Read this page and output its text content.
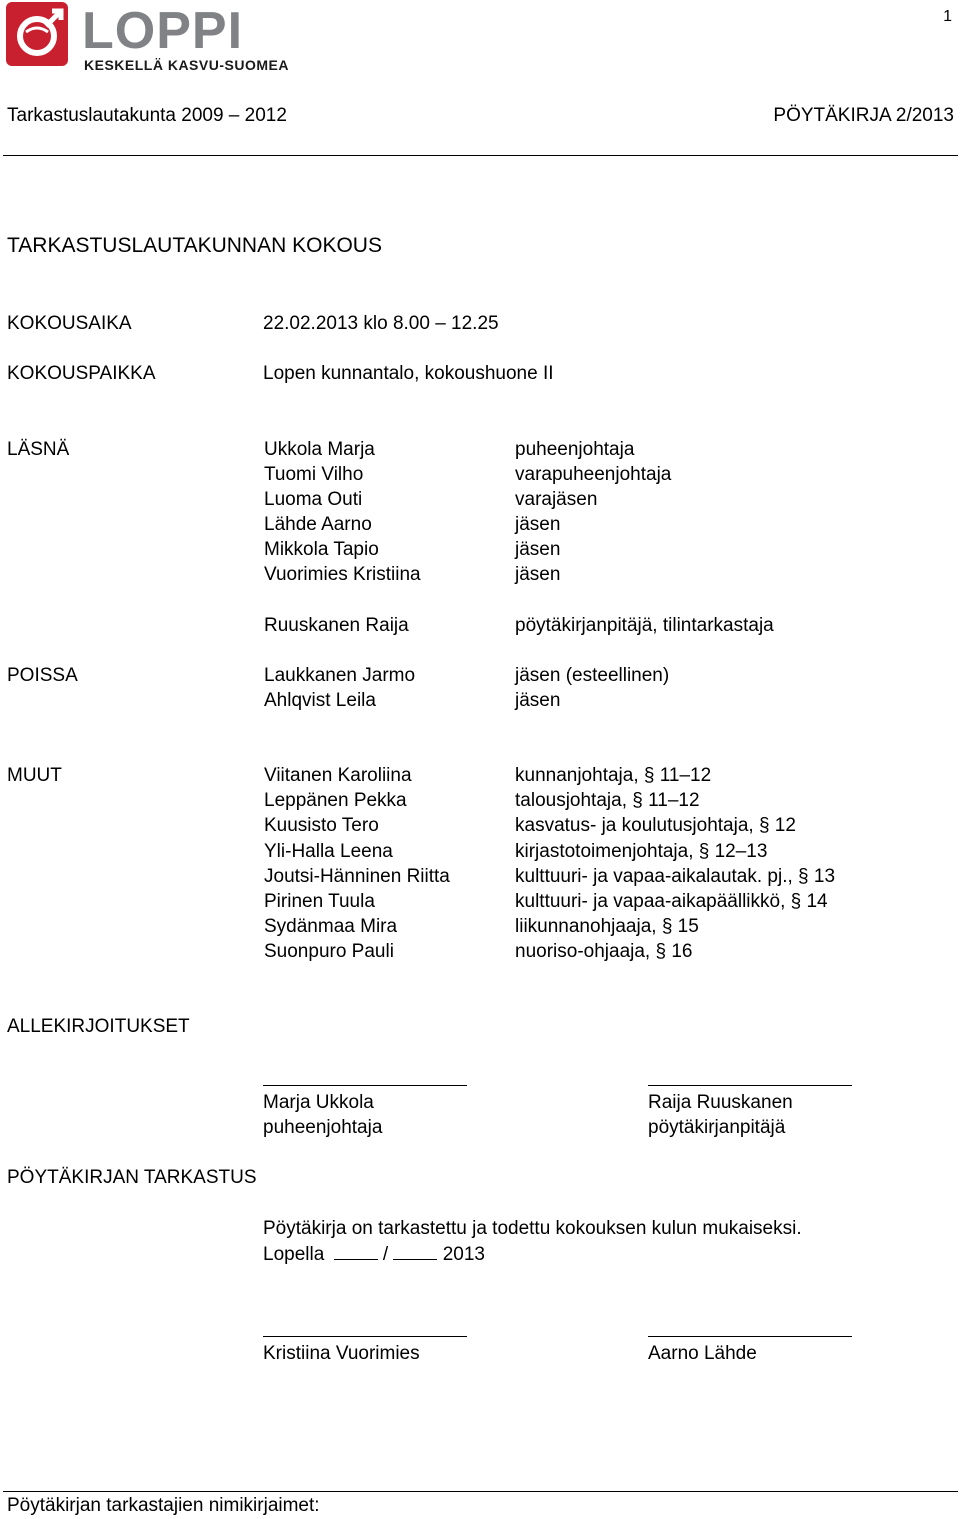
1
LOPPI
KESKELLÄ KASVU-SUOMEA
Tarkastuslautakunta 2009 – 2012	PÖYTÄKIRJA 2/2013
TARKASTUSLAUTAKUNNAN KOKOUS
KOKOUSAIKA	22.02.2013 klo 8.00 – 12.25
KOKOUSPAIKKA	Lopen kunnantalo, kokoushuone II
LÄSNÄ	Ukkola Marja	puheenjohtaja
Tuomi Vilho	varapuheenjohtaja
Luoma Outi	varajäsen
Lähde Aarno	jäsen
Mikkola Tapio	jäsen
Vuorimies Kristiina	jäsen
Ruuskanen Raija	pöytäkirjanpitäjä, tilintarkastaja
POISSA	Laukkanen Jarmo	jäsen (esteellinen)
Ahlqvist Leila	jäsen
MUUT	Viitanen Karoliina	kunnanjohtaja, § 11–12
Leppänen Pekka	talousjohtaja, § 11–12
Kuusisto Tero	kasvatus- ja koulutusjohtaja, § 12
Yli-Halla Leena	kirjastotoimenjohtaja, § 12–13
Joutsi-Hänninen Riitta	kulttuuri- ja vapaa-aikalautak. pj., § 13
Pirinen Tuula	kulttuuri- ja vapaa-aikapäällikkö, § 14
Sydänmaa Mira	liikunnanohjaaja, § 15
Suonpuro Pauli	nuoriso-ohjaaja, § 16
ALLEKIRJOITUKSET
Marja Ukkola
puheenjohtaja
Raija Ruuskanen
pöytäkirjanpitäjä
PÖYTÄKIRJAN TARKASTUS
Pöytäkirja on tarkastettu ja todettu kokouksen kulun mukaiseksi.
Lopella	/	2013
Kristiina Vuorimies	Aarno Lähde
Pöytäkirjan tarkastajien nimikirjaimet:
